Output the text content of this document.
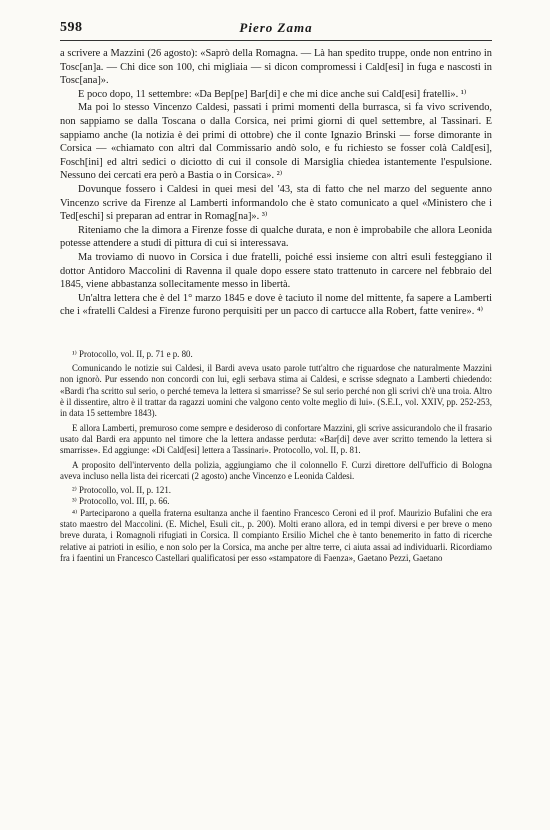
598	Piero Zama

a scrivere a Mazzini (26 agosto): «Saprò della Romagna. — Là han spedito truppe, onde non entrino in Tosc[an]a. — Chi dice son 100, chi migliaia — si dicon compromessi i Cald[esi] in fuga e nascosti in Tosc[ana]».

E poco dopo, 11 settembre: «Da Bep[pe] Bar[di] e che mi dice anche sui Cald[esi] fratelli». ¹⁾

Ma poi lo stesso Vincenzo Caldesi, passati i primi momenti della burrasca, si fa vivo scrivendo, non sappiamo se dalla Toscana o dalla Corsica, nei primi giorni di quel settembre, al Tassinari. E sappiamo anche (la notizia è dei primi di ottobre) che il conte Ignazio Brinski — forse dimorante in Corsica — «chiamato con altri dal Commissario andò solo, e fu richiesto se fosser colà Cald[esi], Fosch[ini] ed altri sedici o diciotto di cui il console di Marsiglia chiedea istantemente l'espulsione. Nessuno dei cercati era però a Bastia o in Corsica». ²⁾

Dovunque fossero i Caldesi in quei mesi del '43, sta di fatto che nel marzo del seguente anno Vincenzo scrive da Firenze al Lamberti informandolo che è stato comunicato a quel «Ministero che i Ted[eschi] si preparan ad entrar in Romag[na]». ³⁾

Riteniamo che la dimora a Firenze fosse di qualche durata, e non è improbabile che allora Leonida potesse attendere a studi di pittura di cui si interessava.

Ma troviamo di nuovo in Corsica i due fratelli, poiché essi insieme con altri esuli festeggiano il dottor Antidoro Maccolini di Ravenna il quale dopo essere stato trattenuto in carcere nel febbraio del 1845, viene abbastanza sollecitamente messo in libertà.

Un'altra lettera che è del 1° marzo 1845 e dove è taciuto il nome del mittente, fa sapere a Lamberti che i «fratelli Caldesi a Firenze furono perquisiti per un pacco di cartucce alla Robert, fatte venire». ⁴⁾

¹⁾ Protocollo, vol. II, p. 71 e p. 80.

Comunicando le notizie sui Caldesi, il Bardi aveva usato parole tutt'altro che riguardose che naturalmente Mazzini non ignorò. Pur essendo non concordi con lui, egli serbava stima ai Caldesi, e scrisse sdegnato a Lamberti chiedendo: «Bardi t'ha scritto sul serio, o perché temeva la lettera si smarrisse? Se sul serio perché non gli scrivi ch'è una troia. Altro è il dissentire, altro è il trattar da ragazzi uomini che valgono cento volte meglio di lui». (S.E.I., vol. XXIV, pp. 252-253, in data 15 settembre 1843).

E allora Lamberti, premuroso come sempre e desideroso di confortare Mazzini, gli scrive assicurandolo che il frasario usato dal Bardi era appunto nel timore che la lettera andasse perduta: «Bar[di] deve aver scritto temendo la lettera si smarrisse». Ed aggiunge: «Di Cald[esi] lettera a Tassinari». Protocollo, vol. II, p. 81.

A proposito dell'intervento della polizia, aggiungiamo che il colonnello F. Curzi direttore dell'ufficio di Bologna aveva incluso nella lista dei ricercati (2 agosto) anche Vincenzo e Leonida Caldesi.

²⁾ Protocollo, vol. II, p. 121.

³⁾ Protocollo, vol. III, p. 66.

⁴⁾ Parteciparono a quella fraterna esultanza anche il faentino Francesco Ceroni ed il prof. Maurizio Bufalini che era stato maestro del Maccolini. (E. Michel, Esuli cit., p. 200). Molti erano allora, ed in tempi diversi e per breve o meno breve durata, i Romagnoli rifugiati in Corsica. Il compianto Ersilio Michel che è tanto benemerito in fatto di ricerche relative ai patrioti in esilio, e non solo per la Corsica, ma anche per altre terre, ci aiuta assai ad individuarli. Ricordiamo fra i faentini un Francesco Castellari qualificatosi per esso «stampatore di Faenza», Gaetano Pezzi, Gaetano
